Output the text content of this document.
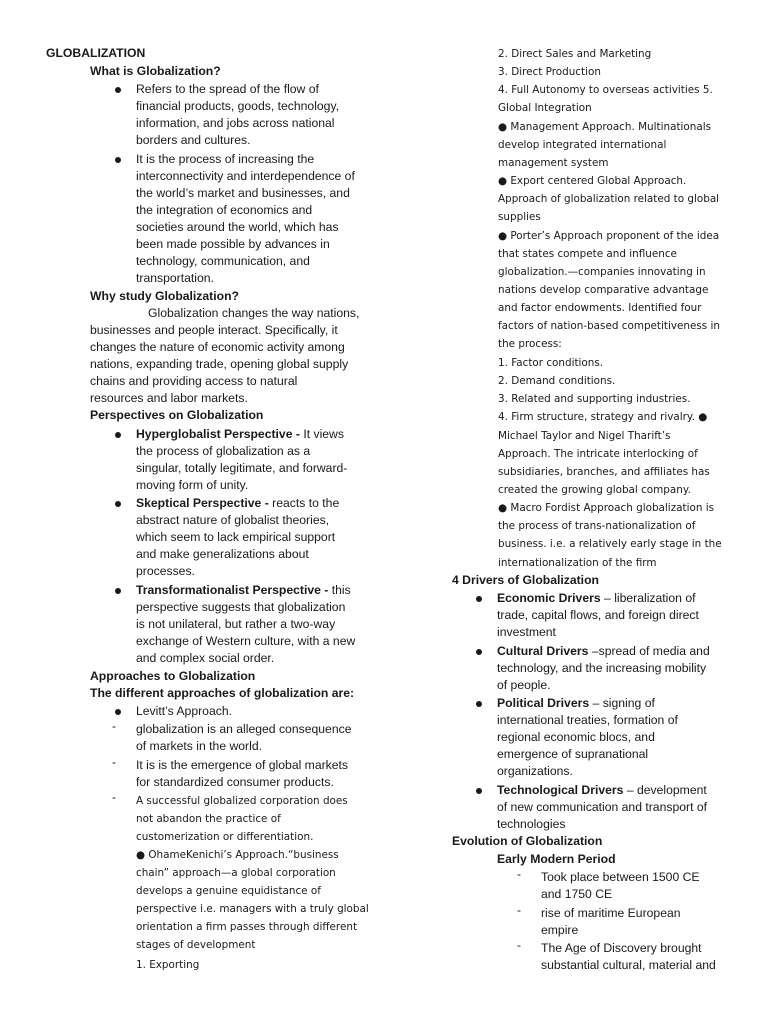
GLOBALIZATION
What is Globalization?
Refers to the spread of the flow of
financial products, goods, technology,
information, and jobs across national
borders and cultures.
It is the process of increasing the
interconnectivity and interdependence of
the world’s market and businesses, and
the integration of economics and
societies around the world, which has
been made possible by advances in
technology, communication, and
transportation.
Why study Globalization?
Globalization changes the way nations,
businesses and people interact. Specifically, it
changes the nature of economic activity among
nations, expanding trade, opening global supply
chains and providing access to natural
resources and labor markets.
Perspectives on Globalization
Hyperglobalist Perspective - It views
the process of globalization as a
singular, totally legitimate, and forward-
moving form of unity.
Skeptical Perspective - reacts to the
abstract nature of globalist theories,
which seem to lack empirical support
and make generalizations about
processes.
Transformationalist Perspective - this
perspective suggests that globalization
is not unilateral, but rather a two-way
exchange of Western culture, with a new
and complex social order.
Approaches to Globalization
The different approaches of globalization are:
Levitt’s Approach.
- globalization is an alleged consequence
of markets in the world.
- It is is the emergence of global markets
for standardized consumer products.
- A successful globalized corporation does
not abandon the practice of
customerization or differentiation.
● OhameKenichi’s Approach.“business
chain” approach—a global corporation
develops a genuine equidistance of
perspective i.e. managers with a truly global
orientation a firm passes through different
stages of development
1. Exporting
2. Direct Sales and Marketing
3. Direct Production
4. Full Autonomy to overseas activities 5.
Global Integration
● Management Approach. Multinationals
develop integrated international
management system
● Export centered Global Approach.
Approach of globalization related to global
supplies
● Porter’s Approach proponent of the idea
that states compete and influence
globalization.—companies innovating in
nations develop comparative advantage
and factor endowments. Identified four
factors of nation-based competitiveness in
the process:
1. Factor conditions.
2. Demand conditions.
3. Related and supporting industries.
4. Firm structure, strategy and rivalry. ●
Michael Taylor and Nigel Tharift’s
Approach. The intricate interlocking of
subsidiaries, branches, and affiliates has
created the growing global company.
● Macro Fordist Approach globalization is
the process of trans-nationalization of
business. i.e. a relatively early stage in the
internationalization of the firm
4 Drivers of Globalization
Economic Drivers – liberalization of
trade, capital flows, and foreign direct
investment
Cultural Drivers –spread of media and
technology, and the increasing mobility
of people.
Political Drivers – signing of
international treaties, formation of
regional economic blocs, and
emergence of supranational
organizations.
Technological Drivers – development
of new communication and transport of
technologies
Evolution of Globalization
Early Modern Period
- Took place between 1500 CE
and 1750 CE
- rise of maritime European
empire
- The Age of Discovery brought
substantial cultural, material and
